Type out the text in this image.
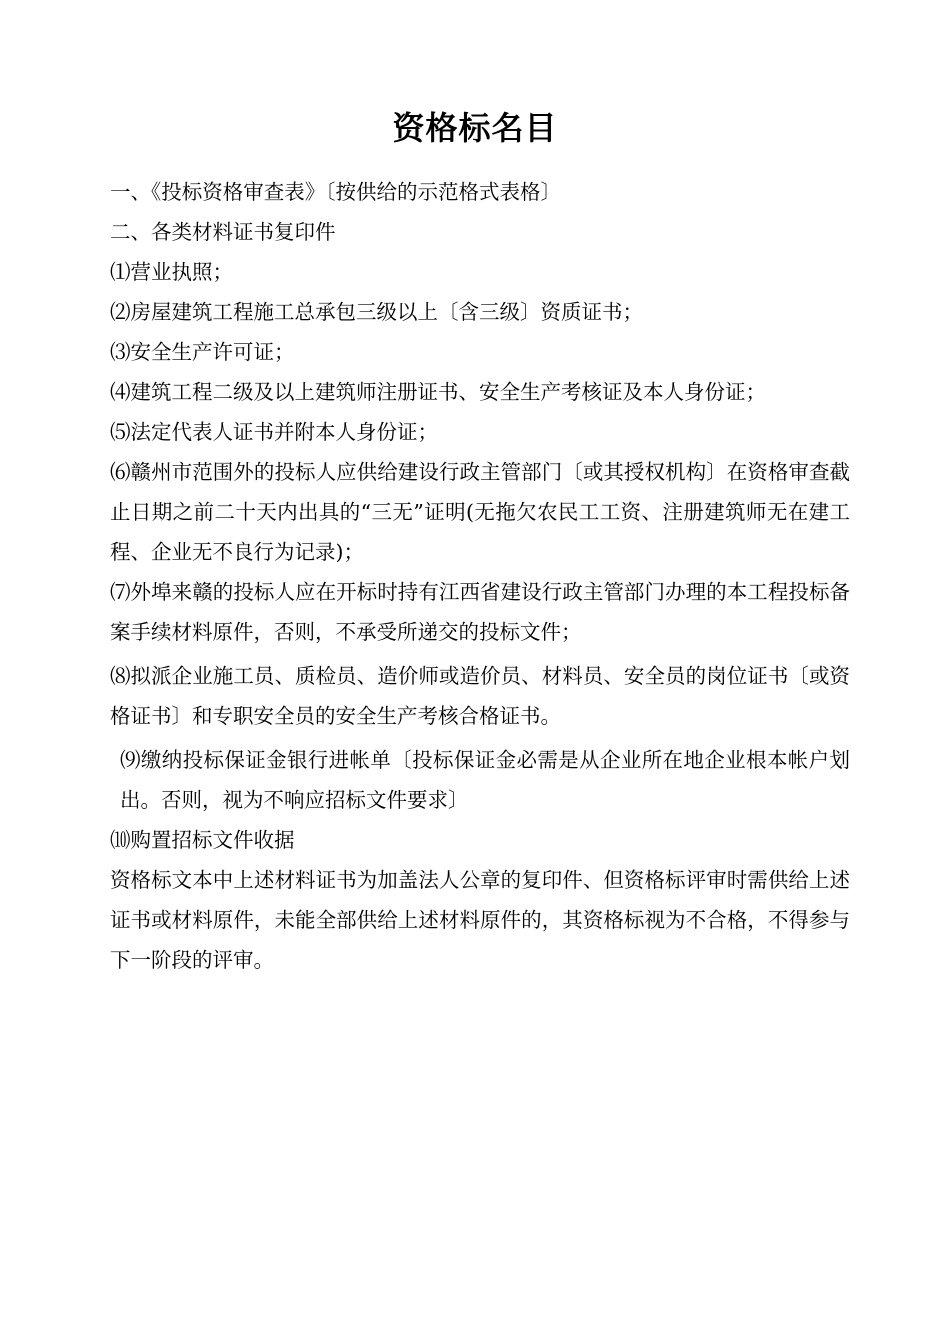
资格标名目

一、《投标资格审查表》〔按供给的示范格式表格〕

二、各类材料证书复印件

⑴营业执照；

⑵房屋建筑工程施工总承包三级以上〔含三级〕资质证书；

⑶安全生产许可证；

⑷建筑工程二级及以上建筑师注册证书、安全生产考核证及本人身份证；

⑸法定代表人证书并附本人身份证；

⑹赣州市范围外的投标人应供给建设行政主管部门〔或其授权机构〕在资格审查截止日期之前二十天内出具的“三无”证明(无拖欠农民工工资、注册建筑师无在建工程、企业无不良行为记录)；

⑺外埠来赣的投标人应在开标时持有江西省建设行政主管部门办理的本工程投标备案手续材料原件，否则，不承受所递交的投标文件；

⑻拟派企业施工员、质检员、造价师或造价员、材料员、安全员的岗位证书〔或资格证书〕和专职安全员的安全生产考核合格证书。

⑼缴纳投标保证金银行进帐单〔投标保证金必需是从企业所在地企业根本帐户划出。否则，视为不响应招标文件要求〕

⑽购置招标文件收据

资格标文本中上述材料证书为加盖法人公章的复印件、但资格标评审时需供给上述证书或材料原件，未能全部供给上述材料原件的，其资格标视为不合格，不得参与下一阶段的评审。
